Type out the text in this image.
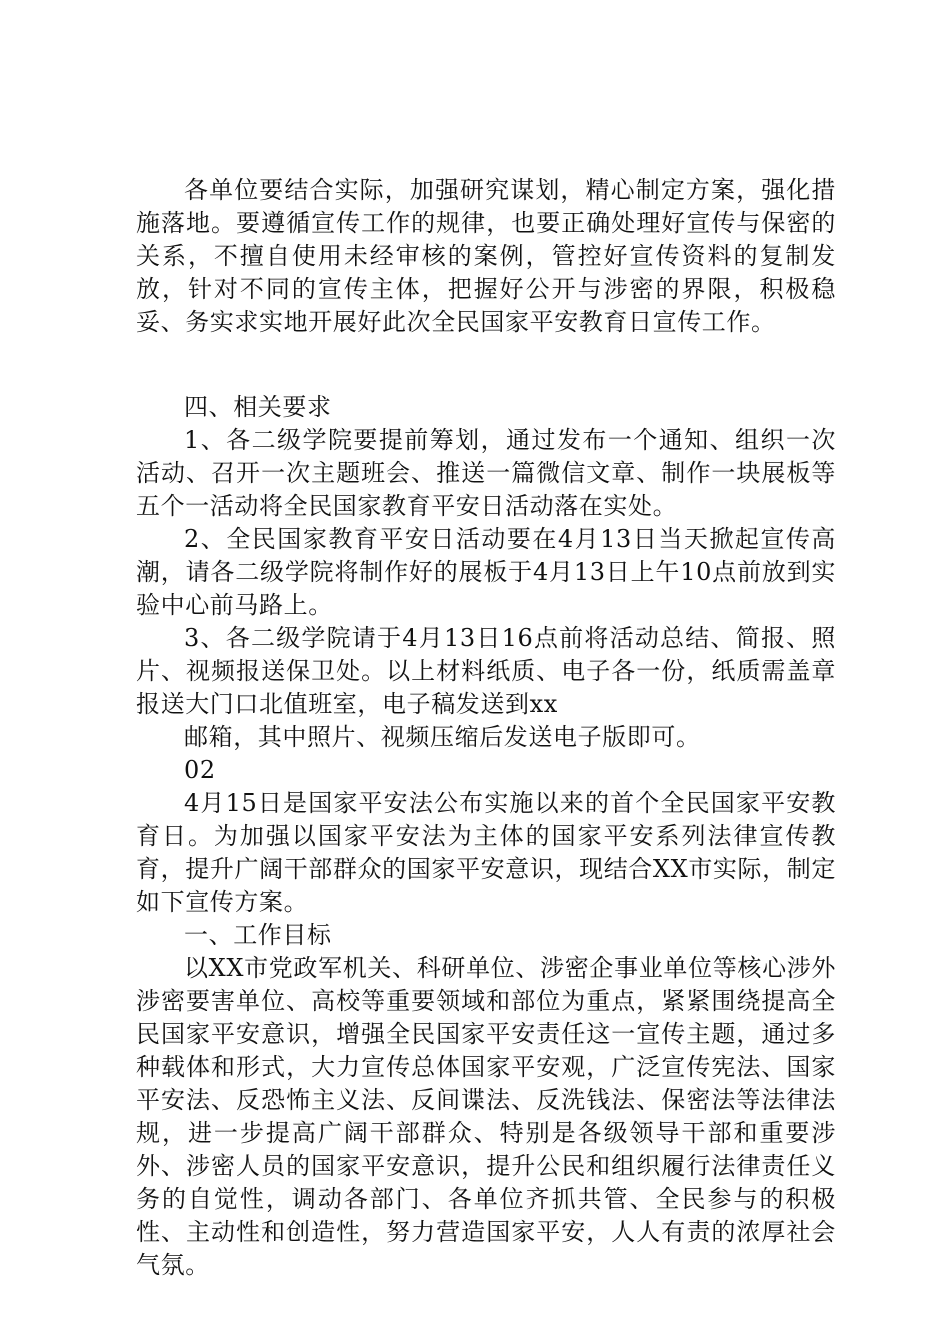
各单位要结合实际，加强研究谋划，精心制定方案，强化措施落地。要遵循宣传工作的规律，也要正确处理好宣传与保密的关系，不擅自使用未经审核的案例，管控好宣传资料的复制发放，针对不同的宣传主体，把握好公开与涉密的界限，积极稳妥、务实求实地开展好此次全民国家平安教育日宣传工作。

四、相关要求

1、各二级学院要提前筹划，通过发布一个通知、组织一次活动、召开一次主题班会、推送一篇微信文章、制作一块展板等五个一活动将全民国家教育平安日活动落在实处。

2、全民国家教育平安日活动要在4月13日当天掀起宣传高潮，请各二级学院将制作好的展板于4月13日上午10点前放到实验中心前马路上。

3、各二级学院请于4月13日16点前将活动总结、简报、照片、视频报送保卫处。以上材料纸质、电子各一份，纸质需盖章报送大门口北值班室，电子稿发送到xx

邮箱，其中照片、视频压缩后发送电子版即可。

02

4月15日是国家平安法公布实施以来的首个全民国家平安教育日。为加强以国家平安法为主体的国家平安系列法律宣传教育，提升广阔干部群众的国家平安意识，现结合XX市实际，制定如下宣传方案。

一、工作目标

以XX市党政军机关、科研单位、涉密企事业单位等核心涉外涉密要害单位、高校等重要领域和部位为重点，紧紧围绕提高全民国家平安意识，增强全民国家平安责任这一宣传主题，通过多种载体和形式，大力宣传总体国家平安观，广泛宣传宪法、国家平安法、反恐怖主义法、反间谍法、反洗钱法、保密法等法律法规，进一步提高广阔干部群众、特别是各级领导干部和重要涉外、涉密人员的国家平安意识，提升公民和组织履行法律责任义务的自觉性，调动各部门、各单位齐抓共管、全民参与的积极性、主动性和创造性，努力营造国家平安，人人有责的浓厚社会气氛。
